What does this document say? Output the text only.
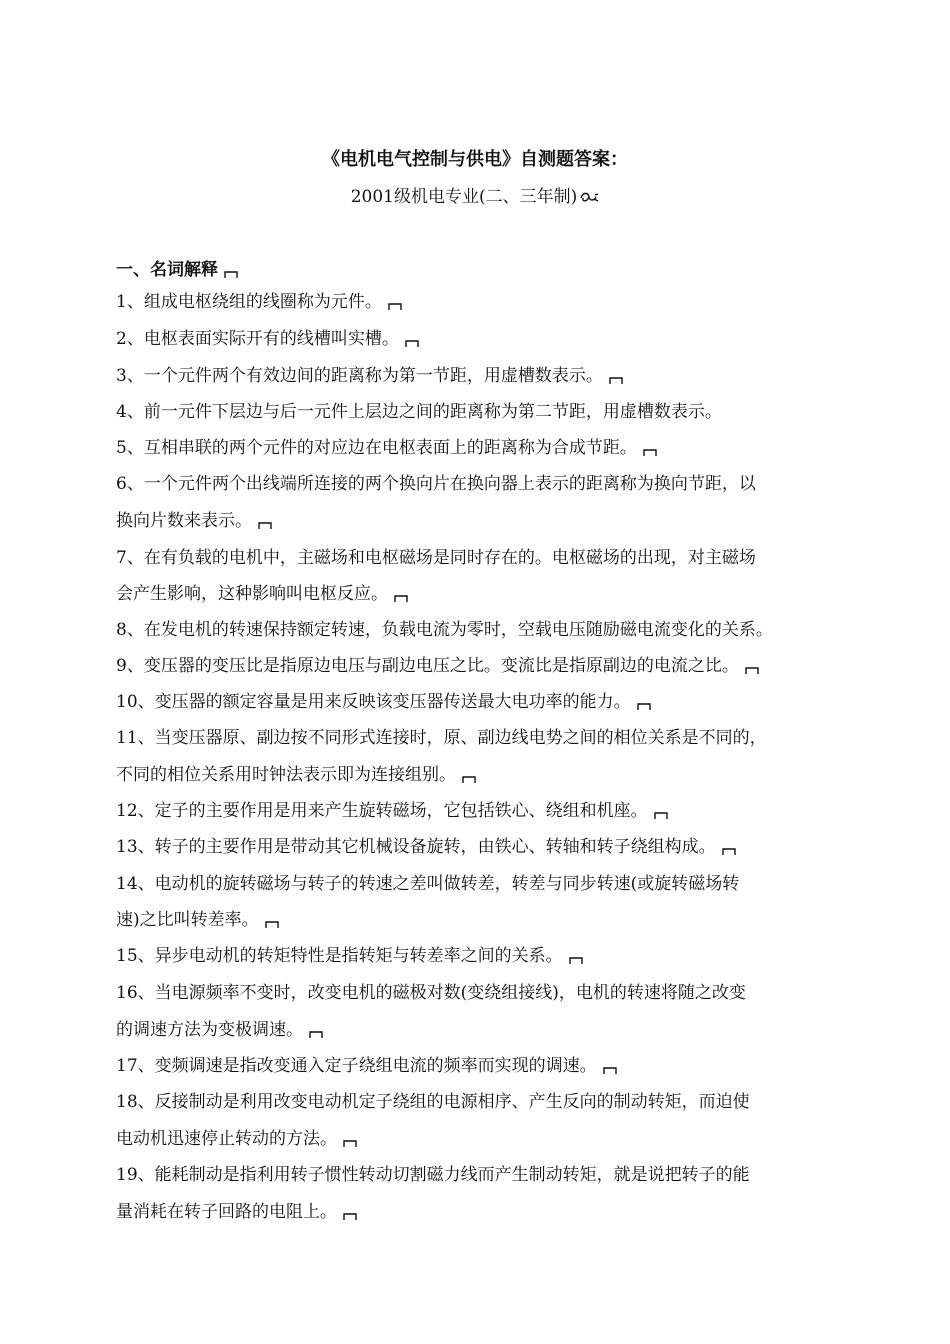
《电机电气控制与供电》自测题答案：
2001级机电专业(二、三年制)
一、名词解释
1、组成电枢绕组的线圈称为元件。
2、电枢表面实际开有的线槽叫实槽。
3、一个元件两个有效边间的距离称为第一节距，用虚槽数表示。
4、前一元件下层边与后一元件上层边之间的距离称为第二节距，用虚槽数表示。
5、互相串联的两个元件的对应边在电枢表面上的距离称为合成节距。
6、一个元件两个出线端所连接的两个换向片在换向器上表示的距离称为换向节距，以
换向片数来表示。
7、在有负载的电机中，主磁场和电枢磁场是同时存在的。电枢磁场的出现，对主磁场
会产生影响，这种影响叫电枢反应。
8、在发电机的转速保持额定转速，负载电流为零时，空载电压随励磁电流变化的关系。
9、变压器的变压比是指原边电压与副边电压之比。变流比是指原副边的电流之比。
10、变压器的额定容量是用来反映该变压器传送最大电功率的能力。
11、当变压器原、副边按不同形式连接时，原、副边线电势之间的相位关系是不同的，
不同的相位关系用时钟法表示即为连接组别。
12、定子的主要作用是用来产生旋转磁场，它包括铁心、绕组和机座。
13、转子的主要作用是带动其它机械设备旋转，由铁心、转轴和转子绕组构成。
14、电动机的旋转磁场与转子的转速之差叫做转差，转差与同步转速(或旋转磁场转
速)之比叫转差率。
15、异步电动机的转矩特性是指转矩与转差率之间的关系。
16、当电源频率不变时，改变电机的磁极对数(变绕组接线)，电机的转速将随之改变
的调速方法为变极调速。
17、变频调速是指改变通入定子绕组电流的频率而实现的调速。
18、反接制动是利用改变电动机定子绕组的电源相序、产生反向的制动转矩，而迫使
电动机迅速停止转动的方法。
19、能耗制动是指利用转子惯性转动切割磁力线而产生制动转矩，就是说把转子的能
量消耗在转子回路的电阻上。
